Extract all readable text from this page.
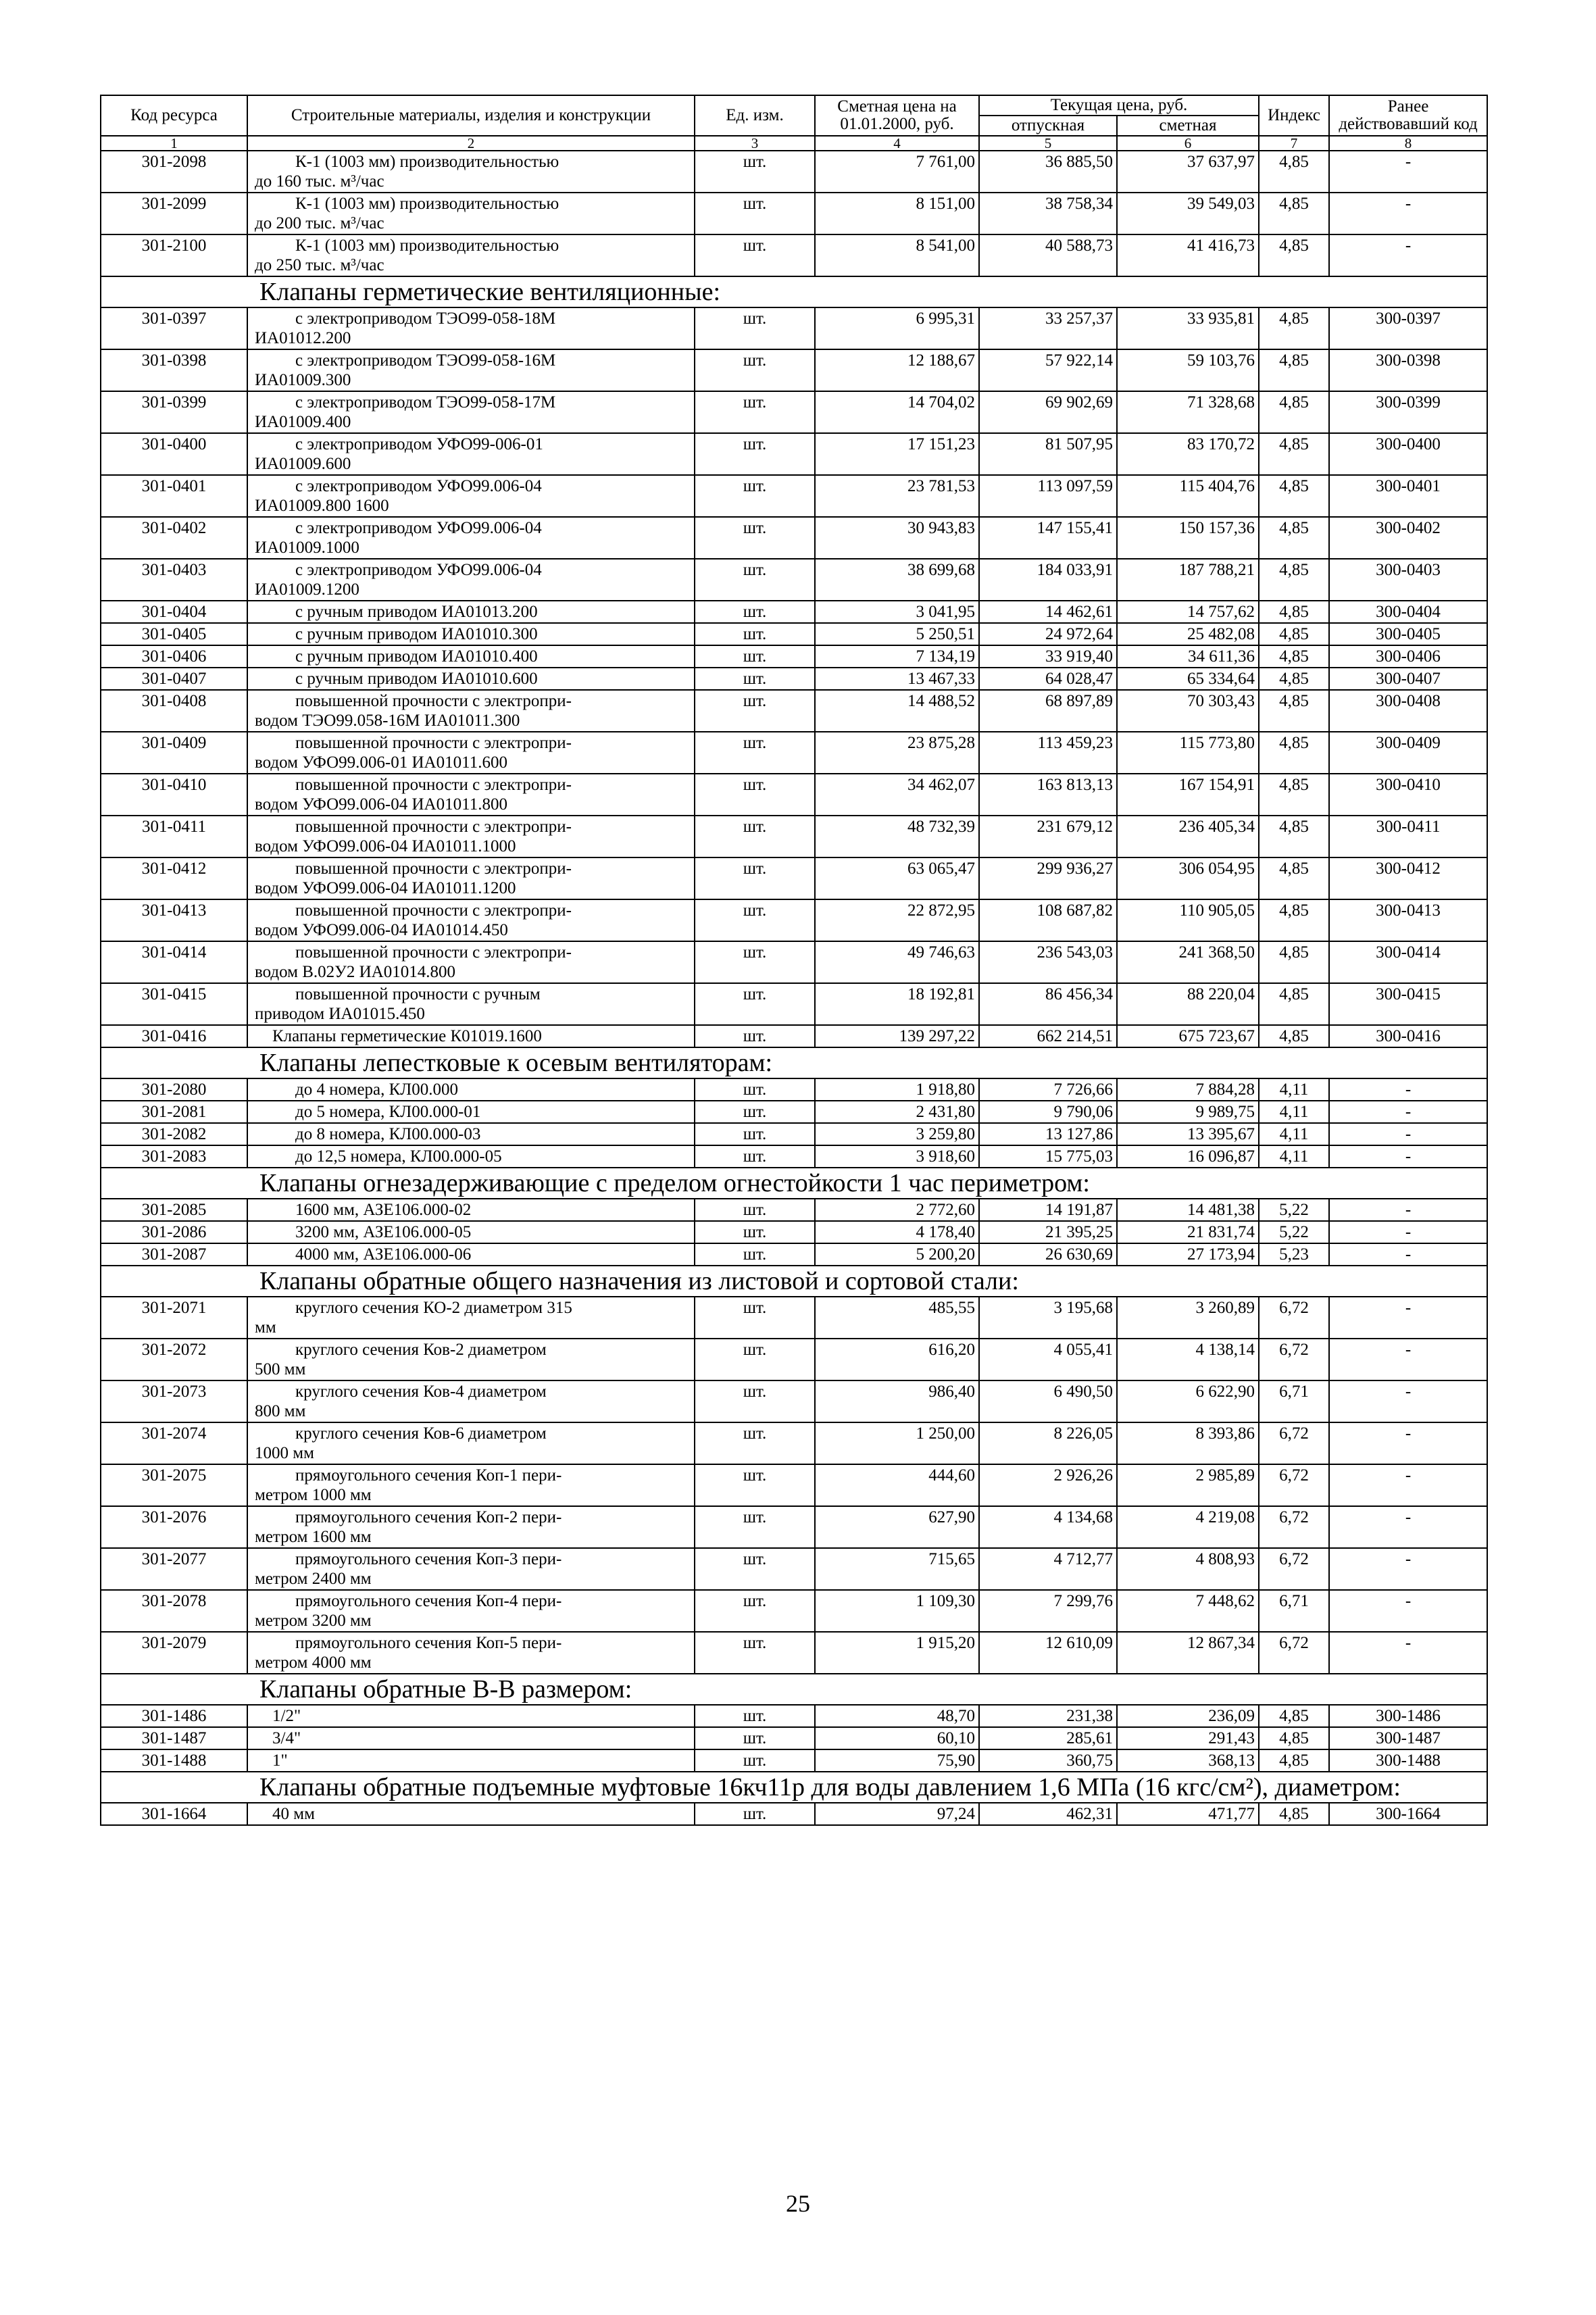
Код ресурса	Строительные материалы, изделия и конструкции	Ед. изм.	Сметная цена на 01.01.2000, руб.	Текущая цена, руб.		Индекс	Ранее действовавший код
				отпускная	сметная		
1	2	3	4	5	6	7	8
301-2098	К-1 (1003 мм) производительностью
до 160 тыс. м³/час	шт.	7 761,00	36 885,50	37 637,97	4,85	-
301-2099	К-1 (1003 мм) производительностью
до 200 тыс. м³/час	шт.	8 151,00	38 758,34	39 549,03	4,85	-
301-2100	К-1 (1003 мм) производительностью
до 250 тыс. м³/час	шт.	8 541,00	40 588,73	41 416,73	4,85	-
Клапаны герметические вентиляционные:							
301-0397	с электроприводом ТЭО99-058-18М
ИА01012.200	шт.	6 995,31	33 257,37	33 935,81	4,85	300-0397
301-0398	с электроприводом ТЭО99-058-16М
ИА01009.300	шт.	12 188,67	57 922,14	59 103,76	4,85	300-0398
301-0399	с электроприводом ТЭО99-058-17М
ИА01009.400	шт.	14 704,02	69 902,69	71 328,68	4,85	300-0399
301-0400	с электроприводом УФО99-006-01
ИА01009.600	шт.	17 151,23	81 507,95	83 170,72	4,85	300-0400
301-0401	с электроприводом УФО99.006-04
ИА01009.800 1600	шт.	23 781,53	113 097,59	115 404,76	4,85	300-0401
301-0402	с электроприводом УФО99.006-04
ИА01009.1000	шт.	30 943,83	147 155,41	150 157,36	4,85	300-0402
301-0403	с электроприводом УФО99.006-04
ИА01009.1200	шт.	38 699,68	184 033,91	187 788,21	4,85	300-0403
301-0404	с ручным приводом ИА01013.200	шт.	3 041,95	14 462,61	14 757,62	4,85	300-0404
301-0405	с ручным приводом ИА01010.300	шт.	5 250,51	24 972,64	25 482,08	4,85	300-0405
301-0406	с ручным приводом ИА01010.400	шт.	7 134,19	33 919,40	34 611,36	4,85	300-0406
301-0407	с ручным приводом ИА01010.600	шт.	13 467,33	64 028,47	65 334,64	4,85	300-0407
301-0408	повышенной прочности с электропри-
водом ТЭО99.058-16М ИА01011.300	шт.	14 488,52	68 897,89	70 303,43	4,85	300-0408
301-0409	повышенной прочности с электропри-
водом УФО99.006-01 ИА01011.600	шт.	23 875,28	113 459,23	115 773,80	4,85	300-0409
301-0410	повышенной прочности с электропри-
водом УФО99.006-04 ИА01011.800	шт.	34 462,07	163 813,13	167 154,91	4,85	300-0410
301-0411	повышенной прочности с электропри-
водом УФО99.006-04 ИА01011.1000	шт.	48 732,39	231 679,12	236 405,34	4,85	300-0411
301-0412	повышенной прочности с электропри-
водом УФО99.006-04 ИА01011.1200	шт.	63 065,47	299 936,27	306 054,95	4,85	300-0412
301-0413	повышенной прочности с электропри-
водом УФО99.006-04 ИА01014.450	шт.	22 872,95	108 687,82	110 905,05	4,85	300-0413
301-0414	повышенной прочности с электропри-
водом В.02У2 ИА01014.800	шт.	49 746,63	236 543,03	241 368,50	4,85	300-0414
301-0415	повышенной прочности с ручным
приводом ИА01015.450	шт.	18 192,81	86 456,34	88 220,04	4,85	300-0415
301-0416	Клапаны герметические К01019.1600	шт.	139 297,22	662 214,51	675 723,67	4,85	300-0416
Клапаны лепестковые к осевым вентиляторам:							
301-2080	до 4 номера, КЛ00.000	шт.	1 918,80	7 726,66	7 884,28	4,11	-
301-2081	до 5 номера, КЛ00.000-01	шт.	2 431,80	9 790,06	9 989,75	4,11	-
301-2082	до 8 номера, КЛ00.000-03	шт.	3 259,80	13 127,86	13 395,67	4,11	-
301-2083	до 12,5 номера, КЛ00.000-05	шт.	3 918,60	15 775,03	16 096,87	4,11	-
Клапаны огнезадерживающие с пределом огнестойкости 1 час периметром:							
301-2085	1600 мм, АЗЕ106.000-02	шт.	2 772,60	14 191,87	14 481,38	5,22	-
301-2086	3200 мм, АЗЕ106.000-05	шт.	4 178,40	21 395,25	21 831,74	5,22	-
301-2087	4000 мм, АЗЕ106.000-06	шт.	5 200,20	26 630,69	27 173,94	5,23	-
Клапаны обратные общего назначения из листовой и сортовой стали:							
301-2071	круглого сечения КО-2 диаметром 315
мм	шт.	485,55	3 195,68	3 260,89	6,72	-
301-2072	круглого сечения Ков-2 диаметром
500 мм	шт.	616,20	4 055,41	4 138,14	6,72	-
301-2073	круглого сечения Ков-4 диаметром
800 мм	шт.	986,40	6 490,50	6 622,90	6,71	-
301-2074	круглого сечения Ков-6 диаметром
1000 мм	шт.	1 250,00	8 226,05	8 393,86	6,72	-
301-2075	прямоугольного сечения Коп-1 пери-
метром 1000 мм	шт.	444,60	2 926,26	2 985,89	6,72	-
301-2076	прямоугольного сечения Коп-2 пери-
метром 1600 мм	шт.	627,90	4 134,68	4 219,08	6,72	-
301-2077	прямоугольного сечения Коп-3 пери-
метром 2400 мм	шт.	715,65	4 712,77	4 808,93	6,72	-
301-2078	прямоугольного сечения Коп-4 пери-
метром 3200 мм	шт.	1 109,30	7 299,76	7 448,62	6,71	-
301-2079	прямоугольного сечения Коп-5 пери-
метром 4000 мм	шт.	1 915,20	12 610,09	12 867,34	6,72	-
Клапаны обратные В-В размером:							
301-1486	1/2"	шт.	48,70	231,38	236,09	4,85	300-1486
301-1487	3/4"	шт.	60,10	285,61	291,43	4,85	300-1487
301-1488	1"	шт.	75,90	360,75	368,13	4,85	300-1488
Клапаны обратные подъемные муфтовые 16кч11р для воды давлением 1,6 МПа (16 кгс/см²), диаметром:							
301-1664	40 мм	шт.	97,24	462,31	471,77	4,85	300-1664
25
